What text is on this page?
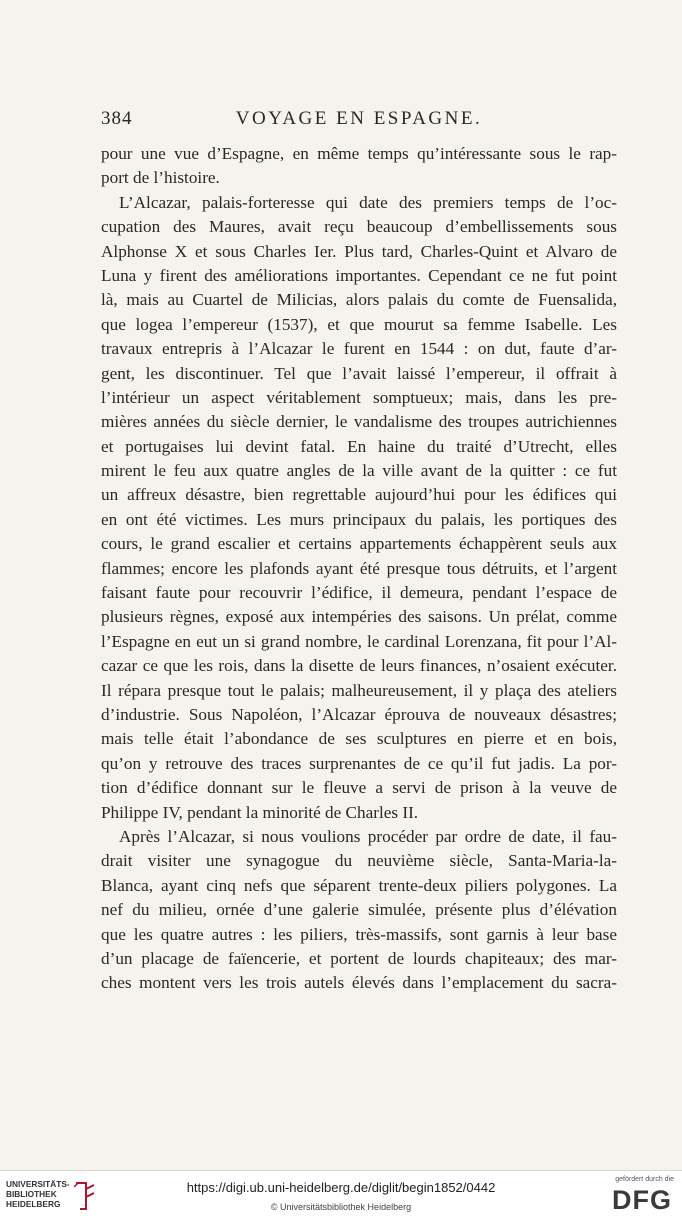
384	VOYAGE EN ESPAGNE.
pour une vue d’Espagne, en même temps qu’intéressante sous le rap-
port de l’histoire.
L’Alcazar, palais-forteresse qui date des premiers temps de l’oc-
cupation des Maures, avait reçu beaucoup d’embellissements sous
Alphonse X et sous Charles Ier. Plus tard, Charles-Quint et Alvaro de
Luna y firent des améliorations importantes. Cependant ce ne fut point
là, mais au Cuartel de Milicias, alors palais du comte de Fuensalida,
que logea l’empereur (1537), et que mourut sa femme Isabelle. Les
travaux entrepris à l’Alcazar le furent en 1544 : on dut, faute d’ar-
gent, les discontinuer. Tel que l’avait laissé l’empereur, il offrait à
l’intérieur un aspect véritablement somptueux; mais, dans les pre-
mières années du siècle dernier, le vandalisme des troupes autrichiennes
et portugaises lui devint fatal. En haine du traité d’Utrecht, elles
mirent le feu aux quatre angles de la ville avant de la quitter : ce fut
un affreux désastre, bien regrettable aujourd’hui pour les édifices qui
en ont été victimes. Les murs principaux du palais, les portiques des
cours, le grand escalier et certains appartements échappèrent seuls aux
flammes; encore les plafonds ayant été presque tous détruits, et l’argent
faisant faute pour recouvrir l’édifice, il demeura, pendant l’espace de
plusieurs règnes, exposé aux intempéries des saisons. Un prélat, comme
l’Espagne en eut un si grand nombre, le cardinal Lorenzana, fit pour l’Al-
cazar ce que les rois, dans la disette de leurs finances, n’osaient exécuter.
Il répara presque tout le palais; malheureusement, il y plaça des ateliers
d’industrie. Sous Napoléon, l’Alcazar éprouva de nouveaux désastres;
mais telle était l’abondance de ses sculptures en pierre et en bois,
qu’on y retrouve des traces surprenantes de ce qu’il fut jadis. La por-
tion d’édifice donnant sur le fleuve a servi de prison à la veuve de
Philippe IV, pendant la minorité de Charles II.
Après l’Alcazar, si nous voulions procéder par ordre de date, il fau-
drait visiter une synagogue du neuvième siècle, Santa-Maria-la-
Blanca, ayant cinq nefs que séparent trente-deux piliers polygones. La
nef du milieu, ornée d’une galerie simulée, présente plus d’élévation
que les quatre autres : les piliers, très-massifs, sont garnis à leur base
d’un placage de faïencerie, et portent de lourds chapiteaux; des mar-
ches montent vers les trois autels élevés dans l’emplacement du sacra-
UNIVERSITÄTS-
BIBLIOTHEK
HEIDELBERG
https://digi.ub.uni-heidelberg.de/diglit/begin1852/0442
© Universitätsbibliothek Heidelberg
gefördert durch die
DFG
